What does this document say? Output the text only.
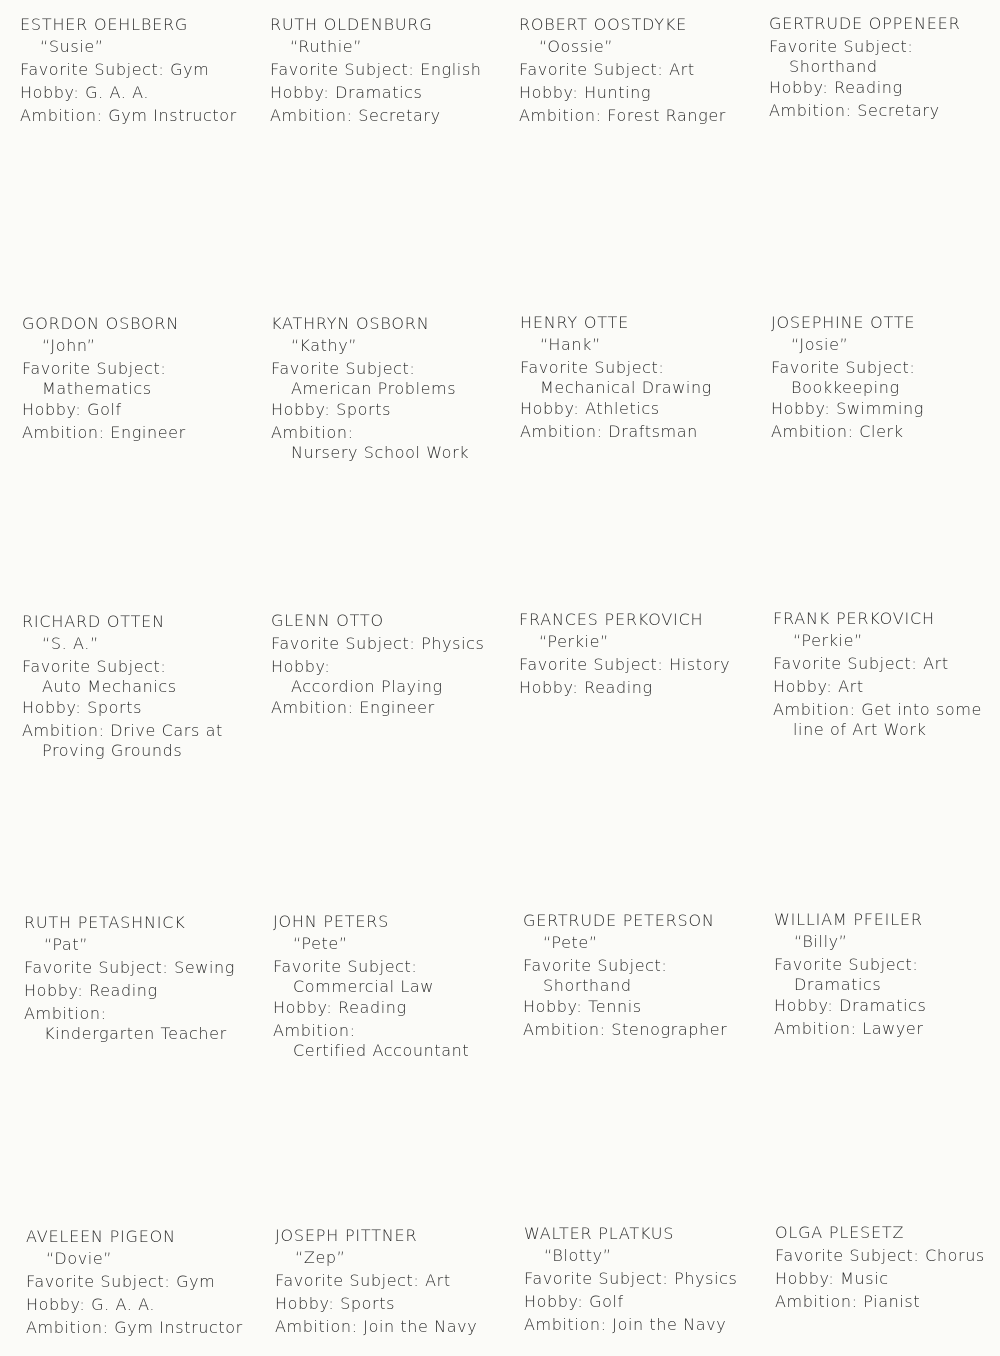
ESTHER OEHLBERG
“Susie”
Favorite Subject: Gym
Hobby: G. A. A.
Ambition: Gym Instructor
RUTH OLDENBURG
“Ruthie”
Favorite Subject: English
Hobby: Dramatics
Ambition: Secretary
ROBERT OOSTDYKE
“Oossie”
Favorite Subject: Art
Hobby: Hunting
Ambition: Forest Ranger
GERTRUDE OPPENEER
Favorite Subject:
Shorthand
Hobby: Reading
Ambition: Secretary
GORDON OSBORN
“John”
Favorite Subject:
Mathematics
Hobby: Golf
Ambition: Engineer
KATHRYN OSBORN
“Kathy”
Favorite Subject:
American Problems
Hobby: Sports
Ambition:
Nursery School Work
HENRY OTTE
“Hank”
Favorite Subject:
Mechanical Drawing
Hobby: Athletics
Ambition: Draftsman
JOSEPHINE OTTE
“Josie”
Favorite Subject:
Bookkeeping
Hobby: Swimming
Ambition: Clerk
RICHARD OTTEN
“S. A.”
Favorite Subject:
Auto Mechanics
Hobby: Sports
Ambition: Drive Cars at
Proving Grounds
GLENN OTTO
Favorite Subject: Physics
Hobby:
Accordion Playing
Ambition: Engineer
FRANCES PERKOVICH
“Perkie”
Favorite Subject: History
Hobby: Reading
FRANK PERKOVICH
“Perkie”
Favorite Subject: Art
Hobby: Art
Ambition: Get into some
line of Art Work
RUTH PETASHNICK
“Pat”
Favorite Subject: Sewing
Hobby: Reading
Ambition:
Kindergarten Teacher
JOHN PETERS
“Pete”
Favorite Subject:
Commercial Law
Hobby: Reading
Ambition:
Certified Accountant
GERTRUDE PETERSON
“Pete”
Favorite Subject:
Shorthand
Hobby: Tennis
Ambition: Stenographer
WILLIAM PFEILER
“Billy”
Favorite Subject:
Dramatics
Hobby: Dramatics
Ambition: Lawyer
AVELEEN PIGEON
“Dovie”
Favorite Subject: Gym
Hobby: G. A. A.
Ambition: Gym Instructor
JOSEPH PITTNER
“Zep”
Favorite Subject: Art
Hobby: Sports
Ambition: Join the Navy
WALTER PLATKUS
“Blotty”
Favorite Subject: Physics
Hobby: Golf
Ambition: Join the Navy
OLGA PLESETZ
Favorite Subject: Chorus
Hobby: Music
Ambition: Pianist
